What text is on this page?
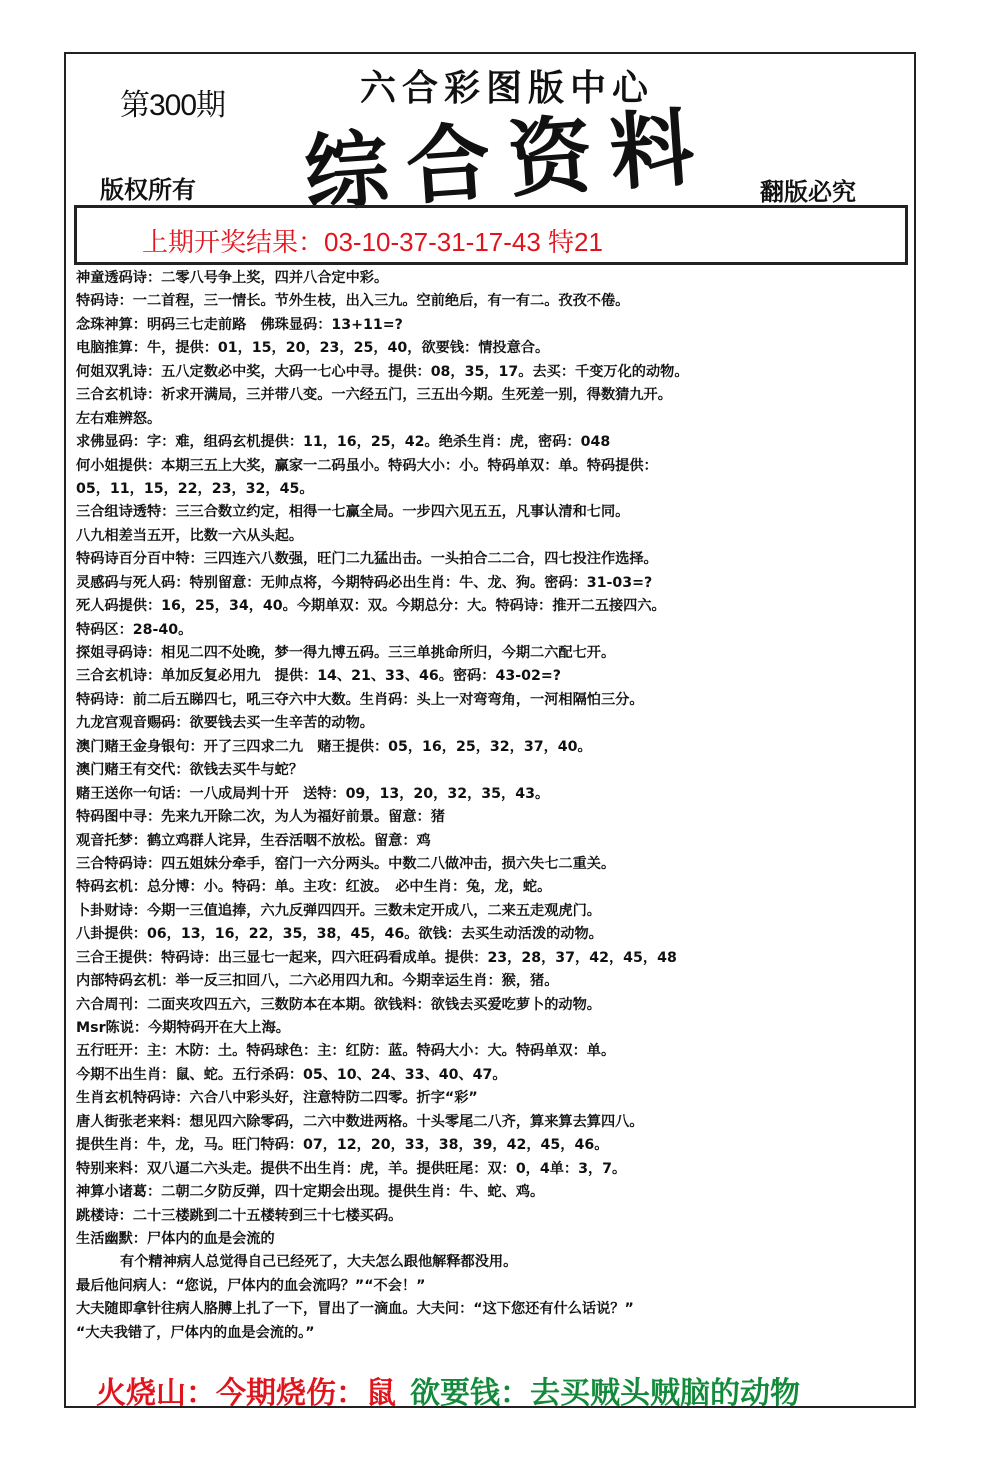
第300期	六合彩图版中心
综合资料
版权所有	翻版必究
上期开奖结果：03-10-37-31-17-43 特21
神童透码诗：二零八号争上奖，四并八合定中彩。
特码诗：一二首程，三一情长。节外生枝，出入三九。空前绝后，有一有二。孜孜不倦。
念珠神算：明码三七走前路　佛珠显码：13+11=?
电脑推算：牛，提供：01，15，20，23，25，40，欲要钱：情投意合。
何姐双乳诗：五八定数必中奖，大码一七心中寻。提供：08，35，17。去买：千变万化的动物。
三合玄机诗：祈求开满局，三并带八变。一六经五门，三五出今期。生死差一别，得数猜九开。
左右难辨怒。
求佛显码：字：难，组码玄机提供：11，16，25，42。绝杀生肖：虎，密码：048
何小姐提供：本期三五上大奖，赢家一二码虽小。特码大小：小。特码单双：单。特码提供：
05，11，15，22，23，32，45。
三合组诗透特：三三合数立约定，相得一七赢全局。一步四六见五五，凡事认清和七同。
八九相差当五开，比数一六从头起。
特码诗百分百中特：三四连六八数强，旺门二九猛出击。一头拍合二二合，四七投注作选择。
灵感码与死人码：特别留意：无帅点将，今期特码必出生肖：牛、龙、狗。密码：31-03=?
死人码提供：16，25，34，40。今期单双：双。今期总分：大。特码诗：推开二五接四六。
特码区：28-40。
探姐寻码诗：相见二四不处晚，梦一得九博五码。三三单挑命所归，今期二六配七开。
三合玄机诗：单加反复必用九　提供：14、21、33、46。密码：43-02=?
特码诗：前二后五睇四七，吼三夺六中大数。生肖码：头上一对弯弯角，一河相隔怕三分。
九龙宫观音赐码：欲要钱去买一生辛苦的动物。
澳门赌王金身银句：开了三四求二九　赌王提供：05，16，25，32，37，40。
澳门赌王有交代：欲钱去买牛与蛇？
赌王送你一句话：一八成局判十开　送特：09，13，20，32，35，43。
特码图中寻：先来九开除二次，为人为福好前景。留意：猪
观音托梦：鹤立鸡群人诧异，生吞活咽不放松。留意：鸡
三合特码诗：四五姐妹分牵手，窑门一六分两头。中数二八做冲击，损六失七二重关。
特码玄机：总分博：小。特码：单。主攻：红波。　必中生肖：兔，龙，蛇。
卜卦财诗：今期一三值追捧，六九反弹四四开。三数未定开成八，二来五走观虎门。
八卦提供：06，13，16，22，35，38，45，46。欲钱：去买生动活泼的动物。
三合王提供：特码诗：出三显七一起来，四六旺码看成单。提供：23，28，37，42，45，48
内部特码玄机：举一反三扣回八，二六必用四九和。今期幸运生肖：猴，猪。
六合周刊：二面夹攻四五六，三数防本在本期。欲钱料：欲钱去买爱吃萝卜的动物。
Msr陈说：今期特码开在大上海。
五行旺开：主：木防：土。特码球色：主：红防：蓝。特码大小：大。特码单双：单。
今期不出生肖：鼠、蛇。五行杀码：05、10、24、33、40、47。
生肖玄机特码诗：六合八中彩头好，注意特防二四零。折字“彩”
唐人街张老来料：想见四六除零码，二六中数进两格。十头零尾二八齐，算来算去算四八。
提供生肖：牛，龙，马。旺门特码：07，12，20，33，38，39，42，45，46。
特别来料：双八逼二六头走。提供不出生肖：虎，羊。提供旺尾：双：0，4单：3，7。
神算小诸葛：二朝二夕防反弹，四十定期会出现。提供生肖：牛、蛇、鸡。
跳楼诗：二十三楼跳到二十五楼转到三十七楼买码。
生活幽默：尸体内的血是会流的
有个精神病人总觉得自己已经死了，大夫怎么跟他解释都没用。
最后他问病人：“您说，尸体内的血会流吗？”“不会！”
大夫随即拿针往病人胳膊上扎了一下，冒出了一滴血。大夫问：“这下您还有什么话说？”
“大夫我错了，尸体内的血是会流的。”
火烧山：今期烧伤：鼠 欲要钱：去买贼头贼脑的动物
